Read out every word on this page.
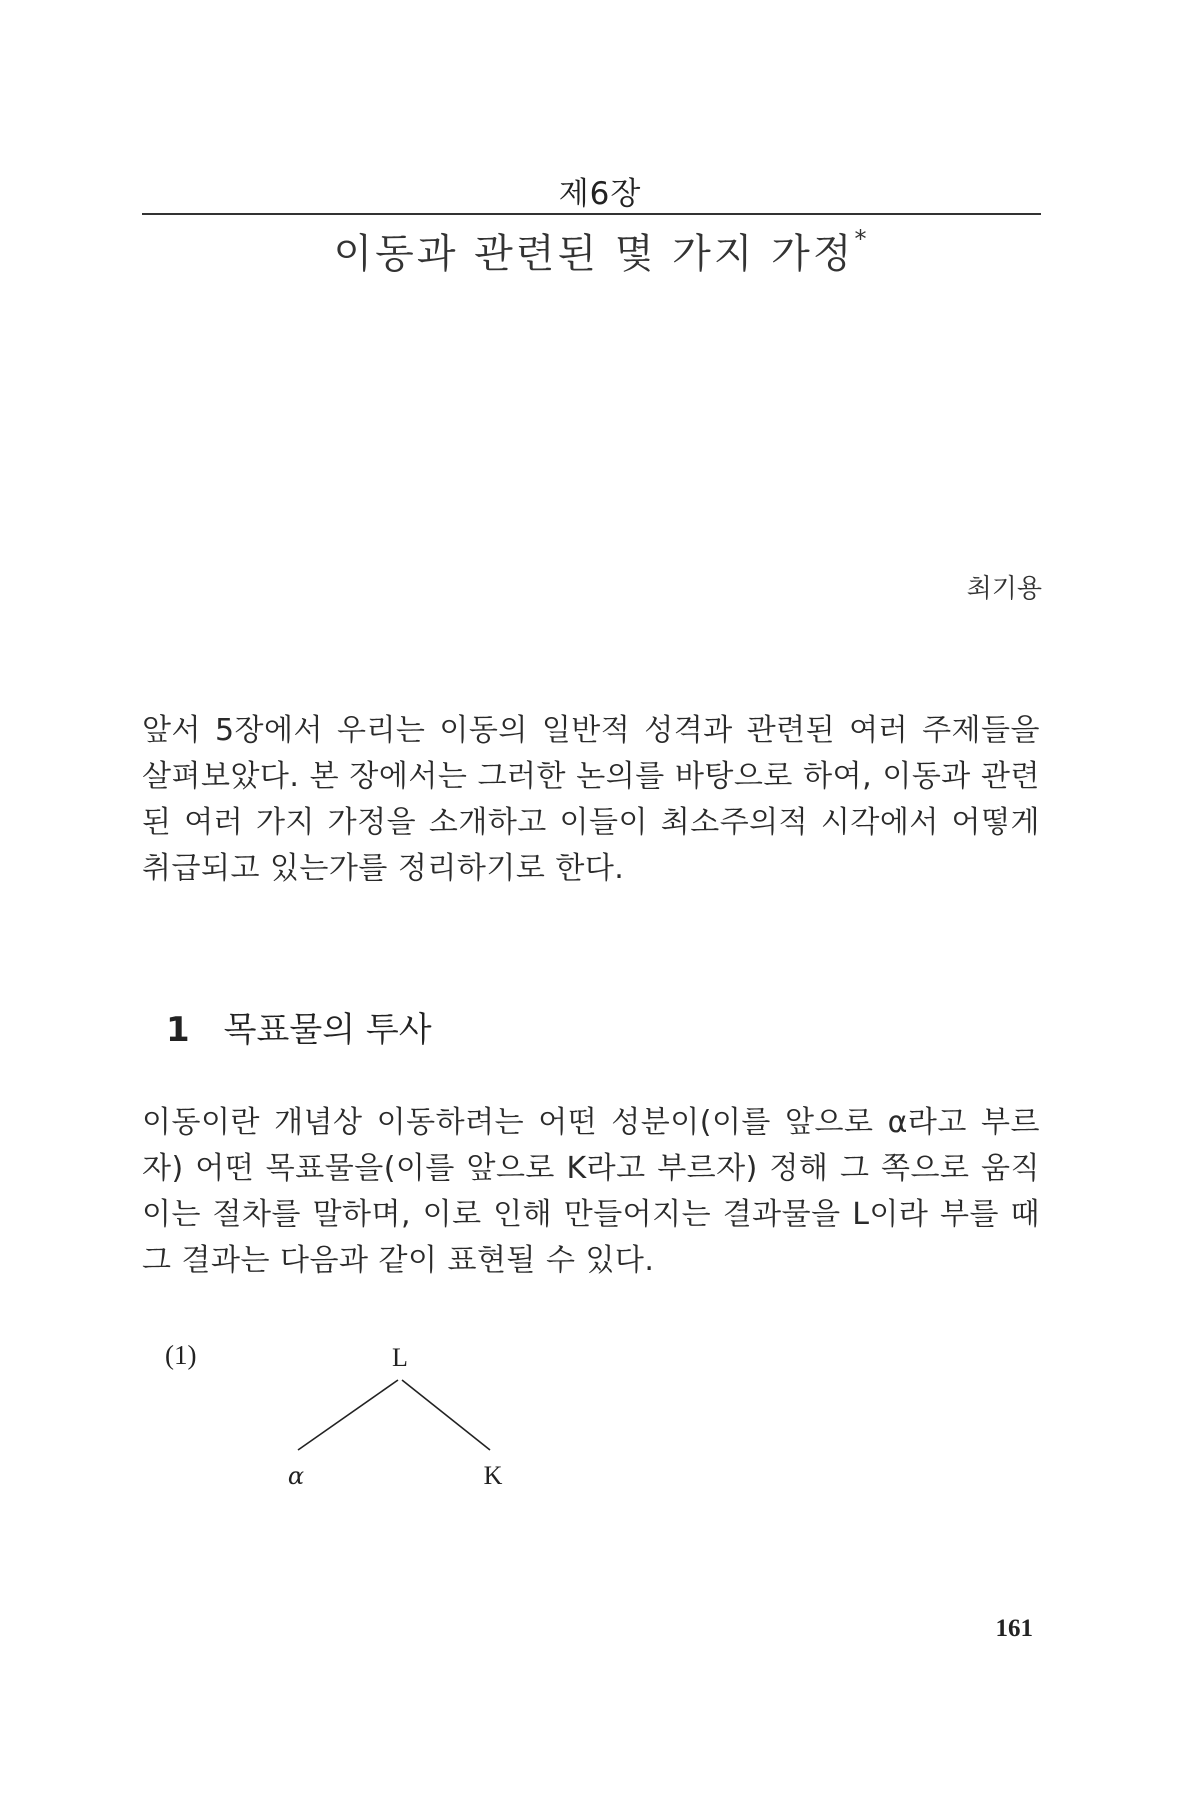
제6장
이동과 관련된 몇 가지 가정*
최기용

앞서 5장에서 우리는 이동의 일반적 성격과 관련된 여러 주제들을
살펴보았다. 본 장에서는 그러한 논의를 바탕으로 하여, 이동과 관련
된 여러 가지 가정을 소개하고 이들이 최소주의적 시각에서 어떻게
취급되고 있는가를 정리하기로 한다.

1 목표물의 투사

이동이란 개념상 이동하려는 어떤 성분이(이를 앞으로 α라고 부르
자) 어떤 목표물을(이를 앞으로 K라고 부르자) 정해 그 쪽으로 움직
이는 절차를 말하며, 이로 인해 만들어지는 결과물을 L이라 부를 때
그 결과는 다음과 같이 표현될 수 있다.

(1)	L
α	K
161
